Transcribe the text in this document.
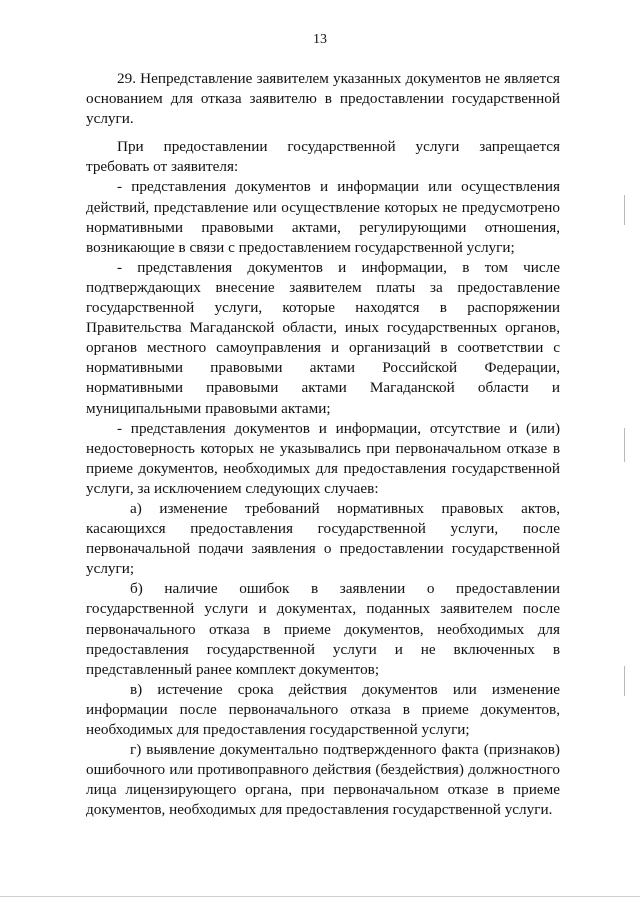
13

29. Непредставление заявителем указанных документов не является основанием для отказа заявителю в предоставлении государственной услуги.

При предоставлении государственной услуги запрещается требовать от заявителя:

- представления документов и информации или осуществления действий, представление или осуществление которых не предусмотрено нормативными правовыми актами, регулирующими отношения, возникающие в связи с предоставлением государственной услуги;

- представления документов и информации, в том числе подтверждающих внесение заявителем платы за предоставление государственной услуги, которые находятся в распоряжении Правительства Магаданской области, иных государственных органов, органов местного самоуправления и организаций в соответствии с нормативными правовыми актами Российской Федерации, нормативными правовыми актами Магаданской области и муниципальными правовыми актами;

- представления документов и информации, отсутствие и (или) недостоверность которых не указывались при первоначальном отказе в приеме документов, необходимых для предоставления государственной услуги, за исключением следующих случаев:

а) изменение требований нормативных правовых актов, касающихся предоставления государственной услуги, после первоначальной подачи заявления о предоставлении государственной услуги;

б) наличие ошибок в заявлении о предоставлении государственной услуги и документах, поданных заявителем после первоначального отказа в приеме документов, необходимых для предоставления государственной услуги и не включенных в представленный ранее комплект документов;

в) истечение срока действия документов или изменение информации после первоначального отказа в приеме документов, необходимых для предоставления государственной услуги;

г) выявление документально подтвержденного факта (признаков) ошибочного или противоправного действия (бездействия) должностного лица лицензирующего органа, при первоначальном отказе в приеме документов, необходимых для предоставления государственной услуги.
